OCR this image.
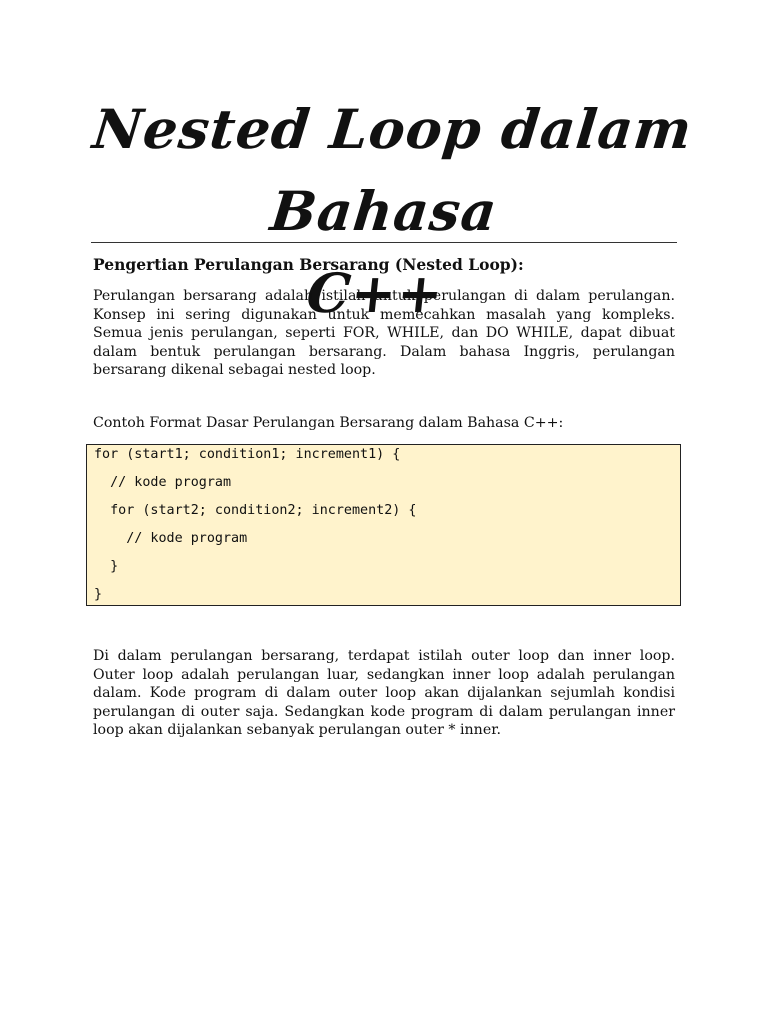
Nested Loop dalam Bahasa
C++
Pengertian Perulangan Bersarang (Nested Loop):

Perulangan bersarang adalah istilah untuk perulangan di dalam perulangan. Konsep ini sering digunakan untuk memecahkan masalah yang kompleks. Semua jenis perulangan, seperti FOR, WHILE, dan DO WHILE, dapat dibuat dalam bentuk perulangan bersarang. Dalam bahasa Inggris, perulangan bersarang dikenal sebagai nested loop.

Contoh Format Dasar Perulangan Bersarang dalam Bahasa C++:

for (start1; condition1; increment1) {
// kode program
for (start2; condition2; increment2) {
// kode program
}
}

Di dalam perulangan bersarang, terdapat istilah outer loop dan inner loop. Outer loop adalah perulangan luar, sedangkan inner loop adalah perulangan dalam. Kode program di dalam outer loop akan dijalankan sejumlah kondisi perulangan di outer saja. Sedangkan kode program di dalam perulangan inner loop akan dijalankan sebanyak perulangan outer * inner.
